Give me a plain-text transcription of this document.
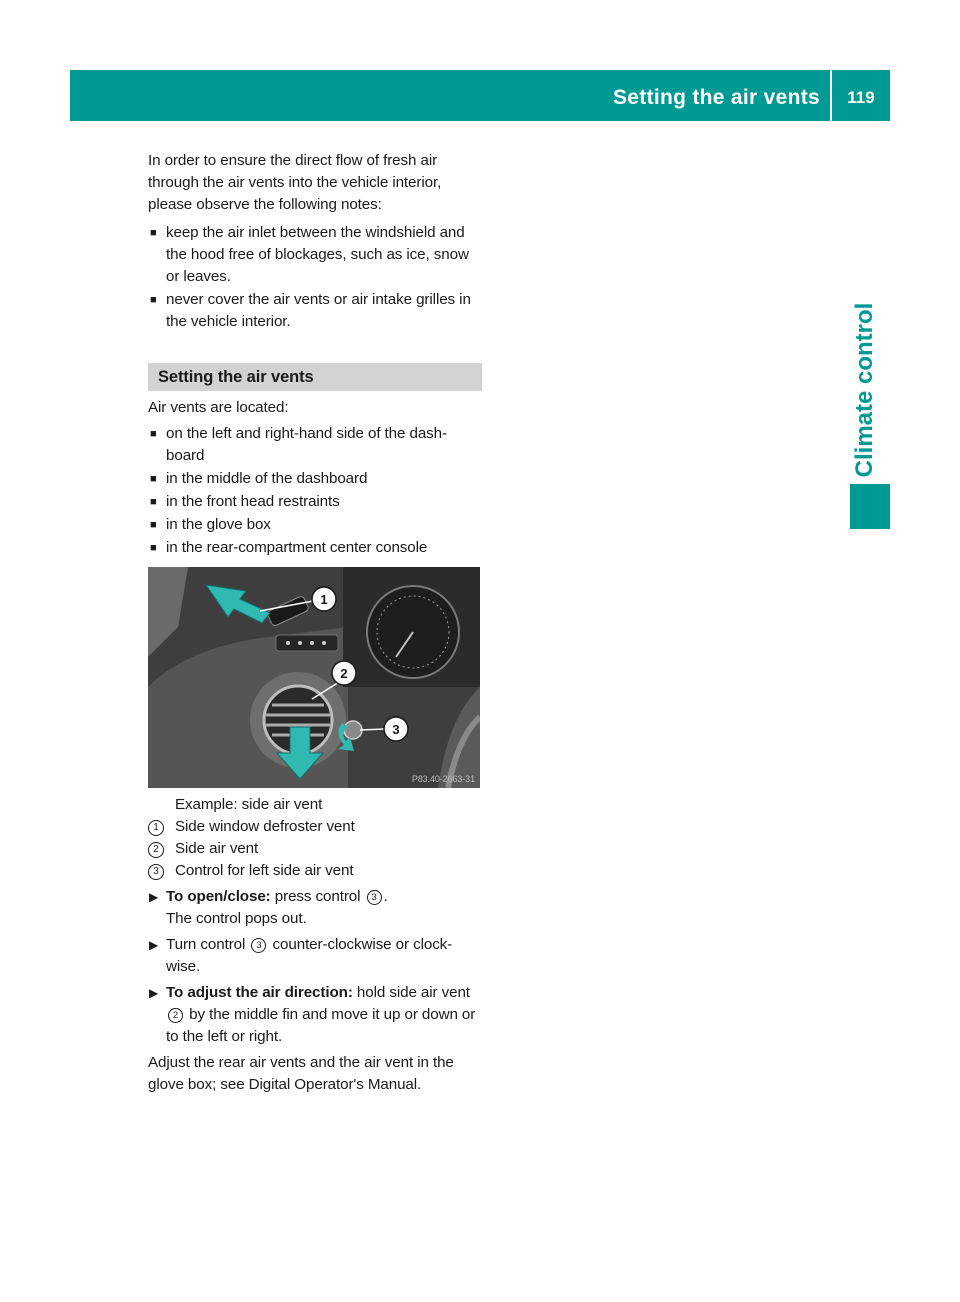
Setting the air vents	119
Climate control

In order to ensure the direct flow of fresh air through the air vents into the vehicle interior, please observe the following notes:

■ keep the air inlet between the windshield and the hood free of blockages, such as ice, snow or leaves.
■ never cover the air vents or air intake grilles in the vehicle interior.
Setting the air vents

Air vents are located:

■ on the left and right-hand side of the dash- board
■ in the middle of the dashboard
■ in the front head restraints
■ in the glove box
■ in the rear-compartment center console
1
2
3
P83.40-2663-31
Example: side air vent
1	Side window defroster vent
2	Side air vent
3	Control for left side air vent
▶ To open/close: press control 3 .
The control pops out.
▶ Turn control 3 counter-clockwise or clock- wise.
▶ To adjust the air direction: hold side air vent 2 by the middle fin and move it up or down or to the left or right.

Adjust the rear air vents and the air vent in the glove box; see Digital Operator's Manual.
